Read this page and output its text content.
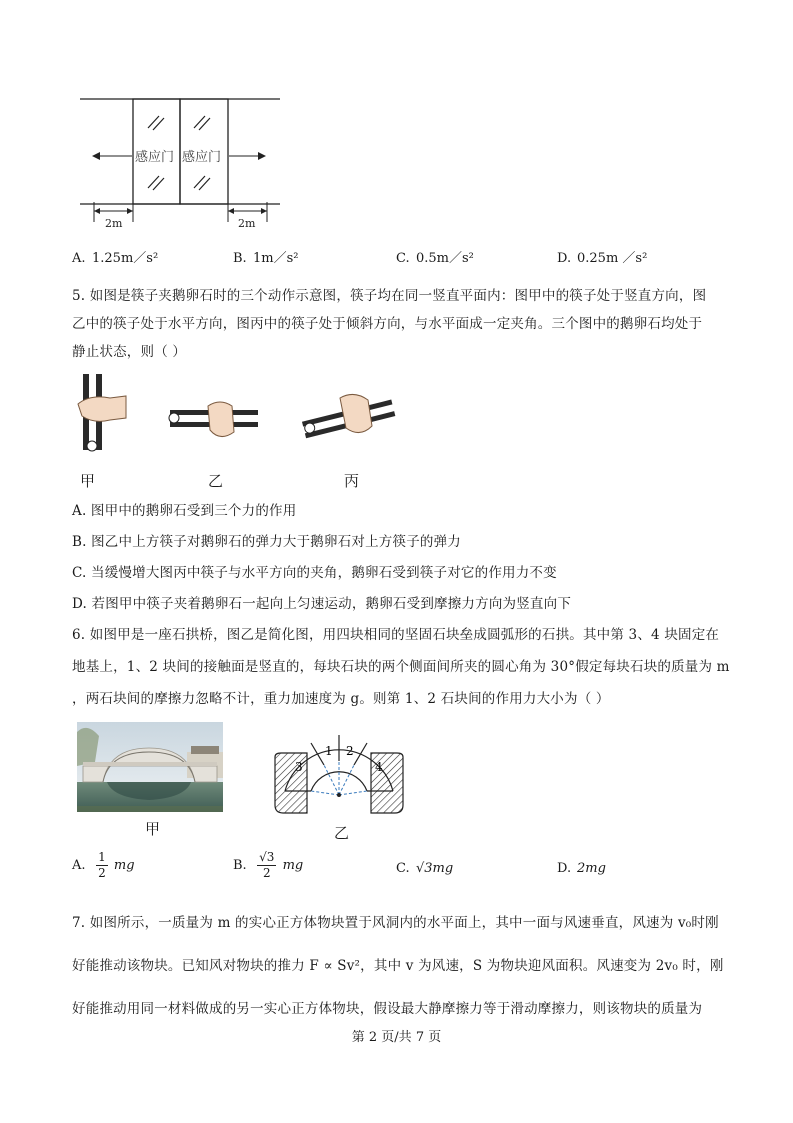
感应门 感应门
2m	2m
A. 1.25m／s²	B. 1m／s²	C. 0.5m／s²	D. 0.25m ／s²
5. 如图是筷子夹鹅卵石时的三个动作示意图，筷子均在同一竖直平面内：图甲中的筷子处于竖直方向，图
乙中的筷子处于水平方向，图丙中的筷子处于倾斜方向，与水平面成一定夹角。三个图中的鹅卵石均处于
静止状态，则（ ）
甲	乙	丙
A. 图甲中的鹅卵石受到三个力的作用
B. 图乙中上方筷子对鹅卵石的弹力大于鹅卵石对上方筷子的弹力
C. 当缓慢增大图丙中筷子与水平方向的夹角，鹅卵石受到筷子对它的作用力不变
D. 若图甲中筷子夹着鹅卵石一起向上匀速运动，鹅卵石受到摩擦力方向为竖直向下
6. 如图甲是一座石拱桥，图乙是简化图，用四块相同的坚固石块垒成圆弧形的石拱。其中第 3、4 块固定在
地基上，1、2 块间的接触面是竖直的，每块石块的两个侧面间所夹的圆心角为 30°假定每块石块的质量为 m
，两石块间的摩擦力忽略不计，重力加速度为 g。则第 1、2 石块间的作用力大小为（ ）
甲
1 2
3	4
乙
A. $\frac{1}{2}$ mg	B. $\frac{√3}{2}$ mg	C. √3mg	D. 2mg
7. 如图所示，一质量为 m 的实心正方体物块置于风洞内的水平面上，其中一面与风速垂直，风速为 v₀时刚
好能推动该物块。已知风对物块的推力 F ∝ Sv²，其中 v 为风速，S 为物块迎风面积。风速变为 2v₀ 时，刚
好能推动用同一材料做成的另一实心正方体物块，假设最大静摩擦力等于滑动摩擦力，则该物块的质量为
第 2 页/共 7 页
